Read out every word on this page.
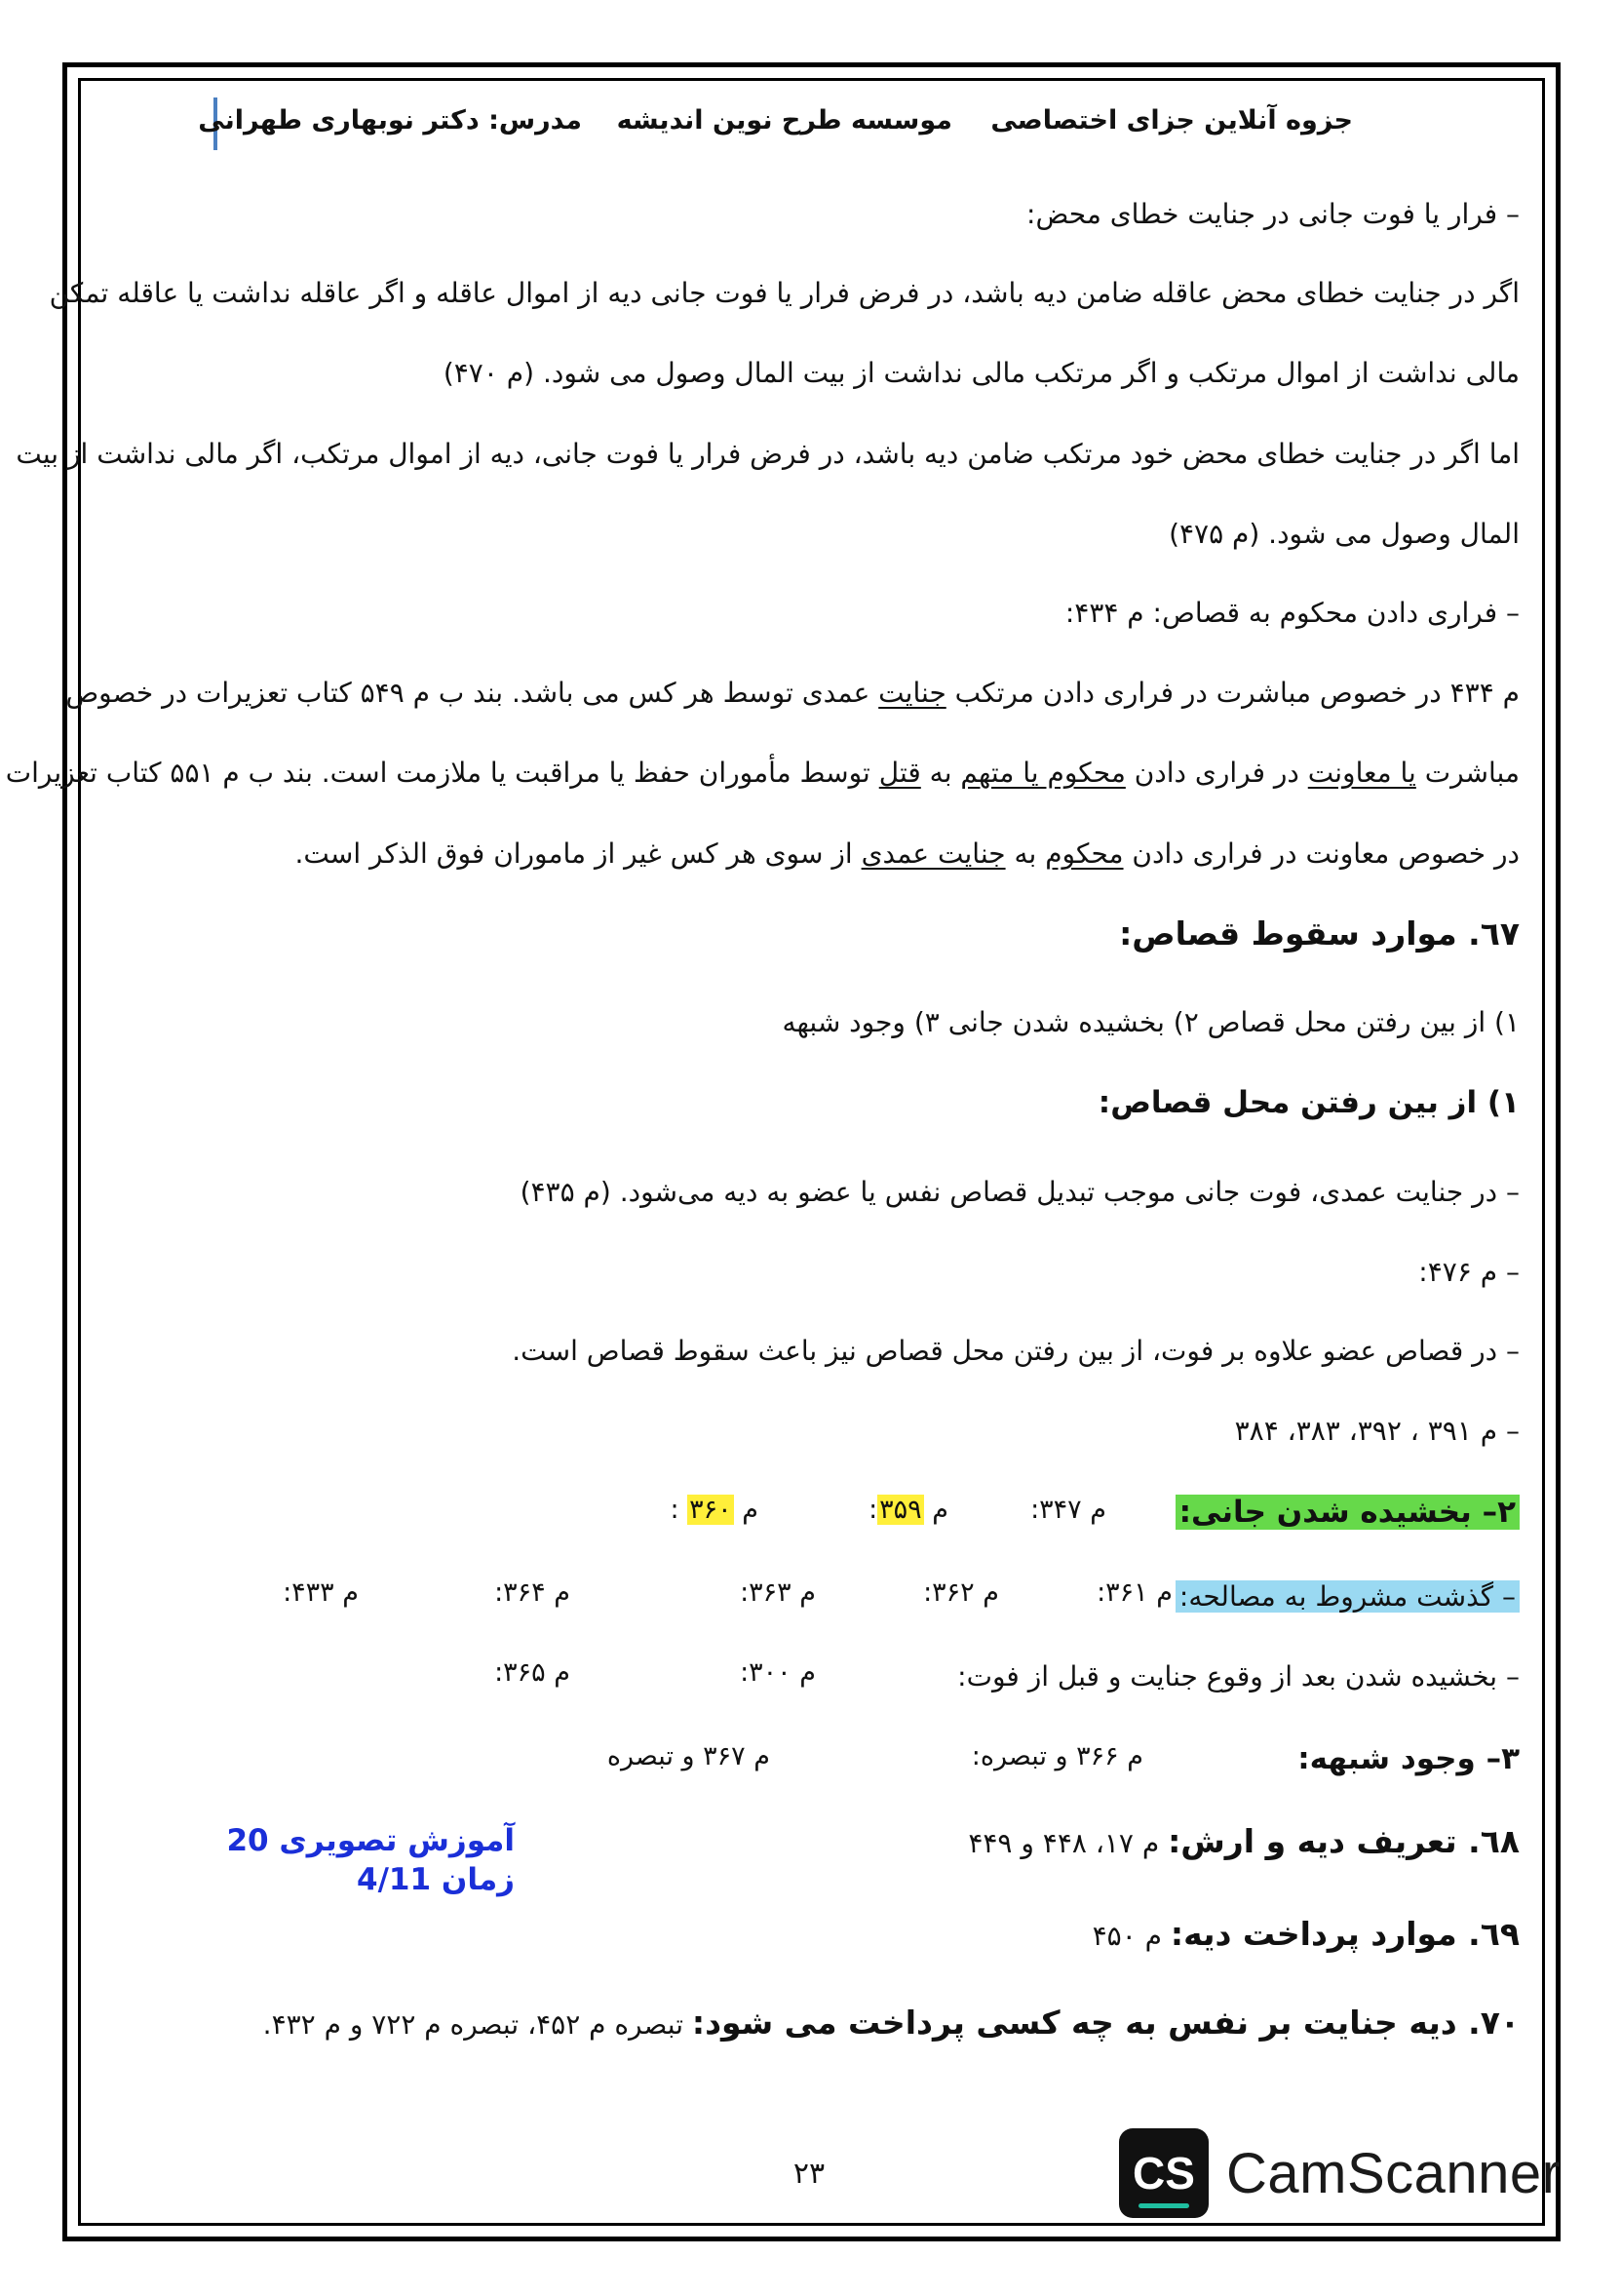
جزوه آنلاین جزای اختصاصی
موسسه طرح نوین اندیشه
مدرس: دکتر نوبهاری طهرانی
– فرار یا فوت جانی در جنایت خطای محض:
اگر در جنایت خطای محض عاقله ضامن دیه باشد، در فرض فرار یا فوت جانی دیه از اموال عاقله و اگر عاقله نداشت یا عاقله تمکن
مالی نداشت از اموال مرتکب و اگر مرتکب مالی نداشت از بیت المال وصول می شود. (م ۴۷۰)
اما اگر در جنایت خطای محض خود مرتکب ضامن دیه باشد، در فرض فرار یا فوت جانی، دیه از اموال مرتکب، اگر مالی نداشت از بیت
المال وصول می شود. (م ۴۷۵)
– فراری دادن محکوم به قصاص: م ۴۳۴:
م ۴۳۴ در خصوص مباشرت در فراری دادن مرتکب جنایت عمدی توسط هر کس می باشد. بند ب م ۵۴۹ کتاب تعزیرات در خصوص
مباشرت یا معاونت در فراری دادن محکوم یا متهم به قتل توسط مأموران حفظ یا مراقبت یا ملازمت است. بند ب م ۵۵۱ کتاب تعزیرات
در خصوص معاونت در فراری دادن محکوم به جنایت عمدی از سوی هر کس غیر از ماموران فوق الذکر است.
٦٧. موارد سقوط قصاص:
۱) از بین رفتن محل قصاص ۲) بخشیده شدن جانی ۳) وجود شبهه
۱) از بین رفتن محل قصاص:
– در جنایت عمدی، فوت جانی موجب تبدیل قصاص نفس یا عضو به دیه می‌شود. (م ۴۳۵)
– م ۴۷۶:
– در قصاص عضو علاوه بر فوت، از بین رفتن محل قصاص نیز باعث سقوط قصاص است.
– م ۳۹۱ ، ۳۹۲، ۳۸۳، ۳۸۴
۲– بخشیده شدن جانی:
م ۳۴۷:
م ۳۵۹:
م ۳۶۰ :
– گذشت مشروط به مصالحه:
م ۳۶۱:
م ۳۶۲:
م ۳۶۳:
م ۳۶۴:
م ۴۳۳:
– بخشیده شدن بعد از وقوع جنایت و قبل از فوت:
م ۳۰۰:
م ۳۶۵:
۳– وجود شبهه:
م ۳۶۶ و تبصره:
م ۳۶۷ و تبصره
٦٨. تعریف دیه و ارش: م ۱۷، ۴۴۸ و ۴۴۹
٦٩. موارد پرداخت دیه: م ۴۵۰
٧٠. دیه جنایت بر نفس به چه کسی پرداخت می شود: تبصره م ۴۵۲، تبصره م ۷۲۲ و م ۴۳۲.
آموزش تصویری 20
زمان 4/11
۲۳	CS CamScanner
